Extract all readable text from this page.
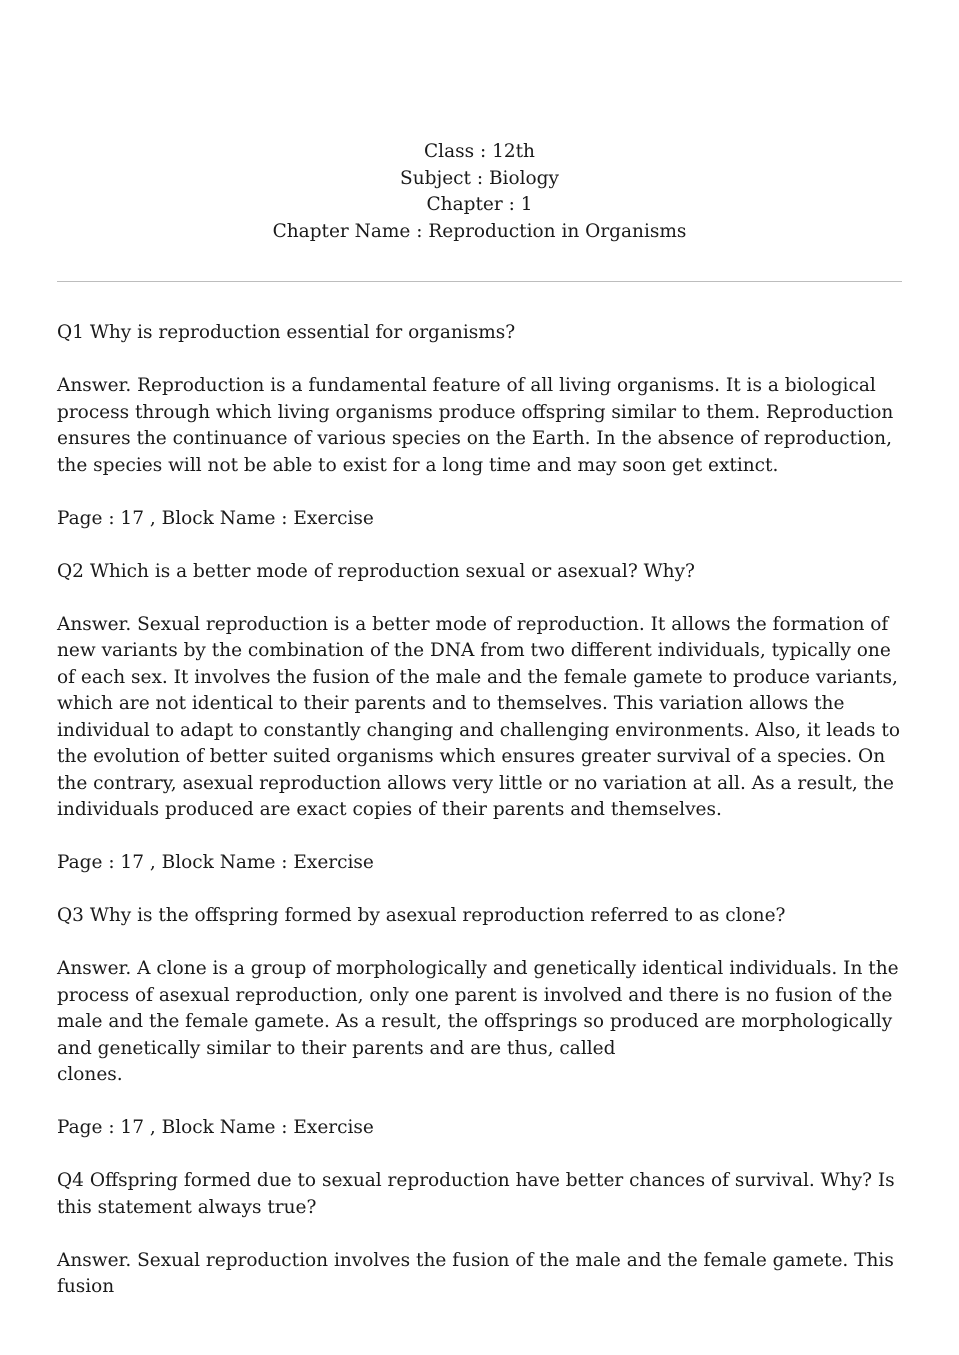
Class : 12th
Subject : Biology
Chapter : 1
Chapter Name : Reproduction in Organisms

Q1 Why is reproduction essential for organisms?

Answer. Reproduction is a fundamental feature of all living organisms. It is a biological process through which living organisms produce offspring similar to them. Reproduction ensures the continuance of various species on the Earth. In the absence of reproduction, the species will not be able to exist for a long time and may soon get extinct.

Page : 17 , Block Name : Exercise

Q2 Which is a better mode of reproduction sexual or asexual? Why?

Answer. Sexual reproduction is a better mode of reproduction. It allows the formation of new variants by the combination of the DNA from two different individuals, typically one of each sex. It involves the fusion of the male and the female gamete to produce variants, which are not identical to their parents and to themselves. This variation allows the individual to adapt to constantly changing and challenging environments. Also, it leads to the evolution of better suited organisms which ensures greater survival of a species. On the contrary, asexual reproduction allows very little or no variation at all. As a result, the individuals produced are exact copies of their parents and themselves.

Page : 17 , Block Name : Exercise

Q3 Why is the offspring formed by asexual reproduction referred to as clone?

Answer. A clone is a group of morphologically and genetically identical individuals. In the process of asexual reproduction, only one parent is involved and there is no fusion of the male and the female gamete. As a result, the offsprings so produced are morphologically and genetically similar to their parents and are thus, called
clones.

Page : 17 , Block Name : Exercise

Q4 Offspring formed due to sexual reproduction have better chances of survival. Why? Is this statement always true?

Answer. Sexual reproduction involves the fusion of the male and the female gamete. This fusion
